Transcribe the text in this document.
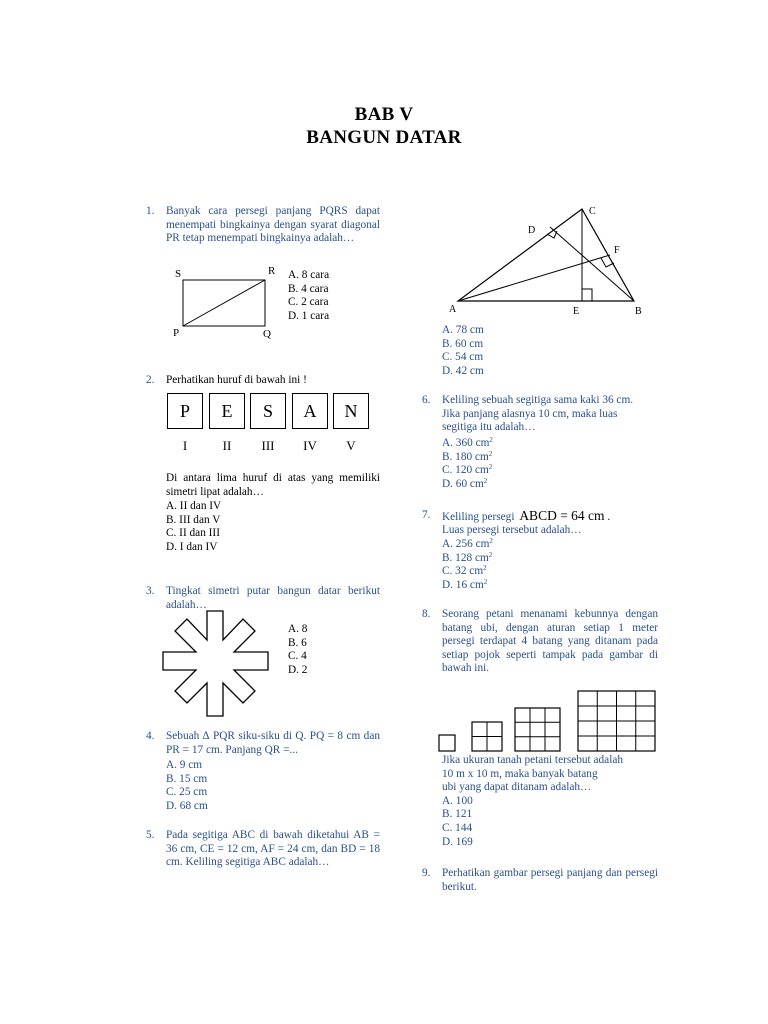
BAB V
BANGUN DATAR
1. Banyak cara persegi panjang PQRS dapat menempati bingkainya dengan syarat diagonal PR tetap menempati bingkainya adalah…
S	R
P	Q
A. 8 cara
B. 4 cara
C. 2 cara
D. 1 cara
2. Perhatikan huruf di bawah ini !
P	E	S	A	N
I	II	III	IV	V
Di antara lima huruf di atas yang memiliki simetri lipat adalah…
A. II dan IV
B. III dan V
C. II dan III
D. I dan IV
3. Tingkat simetri putar bangun datar berikut adalah…
A. 8
B. 6
C. 4
D. 2
4. Sebuah ∆ PQR siku-siku di Q. PQ = 8 cm dan PR = 17 cm. Panjang QR =...
A. 9 cm
B. 15 cm
C. 25 cm
D. 68 cm
5. Pada segitiga ABC di bawah diketahui AB = 36 cm, CE = 12 cm, AF = 24 cm, dan BD = 18 cm. Keliling segitiga ABC adalah…
C
D
F
A	E	B
A. 78 cm
B. 60 cm
C. 54 cm
D. 42 cm
6. Keliling sebuah segitiga sama kaki 36 cm. Jika panjang alasnya 10 cm, maka luas segitiga itu adalah…
A. 360 $cm^2$
B. 180 $cm^2$
C. 120 $cm^2$
D. 60 $cm^2$
7. Keliling persegi ABCD = 64 cm .
Luas persegi tersebut adalah…
A. 256 $cm^2$
B. 128 $cm^2$
C. 32 $cm^2$
D. 16 $cm^2$
8. Seorang petani menanami kebunnya dengan batang ubi, dengan aturan setiap 1 meter persegi terdapat 4 batang yang ditanam pada setiap pojok seperti tampak pada gambar di bawah ini.
Jika ukuran tanah petani tersebut adalah
10 m x 10 m, maka banyak batang
ubi yang dapat ditanam adalah…
A. 100
B. 121
C. 144
D. 169
9. Perhatikan gambar persegi panjang dan persegi berikut.
